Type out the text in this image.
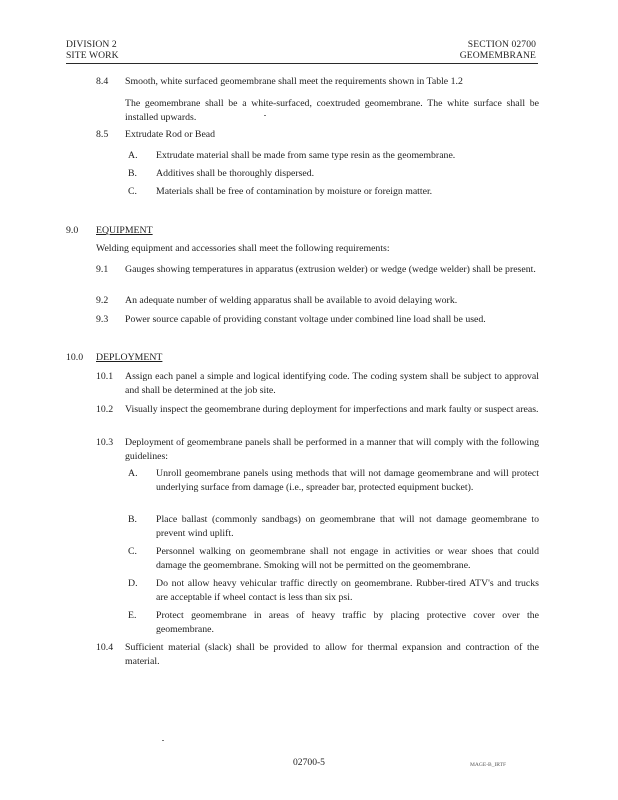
DIVISION 2
SITE WORK
SECTION 02700
GEOMEMBRANE
8.4 Smooth, white surfaced geomembrane shall meet the requirements shown in Table 1.2
The geomembrane shall be a white-surfaced, coextruded geomembrane. The white surface shall be installed upwards.
8.5 Extrudate Rod or Bead
A. Extrudate material shall be made from same type resin as the geomembrane.
B. Additives shall be thoroughly dispersed.
C. Materials shall be free of contamination by moisture or foreign matter.
9.0 EQUIPMENT
Welding equipment and accessories shall meet the following requirements:
9.1 Gauges showing temperatures in apparatus (extrusion welder) or wedge (wedge welder) shall be present.
9.2 An adequate number of welding apparatus shall be available to avoid delaying work.
9.3 Power source capable of providing constant voltage under combined line load shall be used.
10.0 DEPLOYMENT
10.1 Assign each panel a simple and logical identifying code. The coding system shall be subject to approval and shall be determined at the job site.
10.2 Visually inspect the geomembrane during deployment for imperfections and mark faulty or suspect areas.
10.3 Deployment of geomembrane panels shall be performed in a manner that will comply with the following guidelines:
A. Unroll geomembrane panels using methods that will not damage geomembrane and will protect underlying surface from damage (i.e., spreader bar, protected equipment bucket).
B. Place ballast (commonly sandbags) on geomembrane that will not damage geomembrane to prevent wind uplift.
C. Personnel walking on geomembrane shall not engage in activities or wear shoes that could damage the geomembrane. Smoking will not be permitted on the geomembrane.
D. Do not allow heavy vehicular traffic directly on geomembrane. Rubber-tired ATV's and trucks are acceptable if wheel contact is less than six psi.
E. Protect geomembrane in areas of heavy traffic by placing protective cover over the geomembrane.
10.4 Sufficient material (slack) shall be provided to allow for thermal expansion and contraction of the material.
02700-5	MAGE-B_IRTF
